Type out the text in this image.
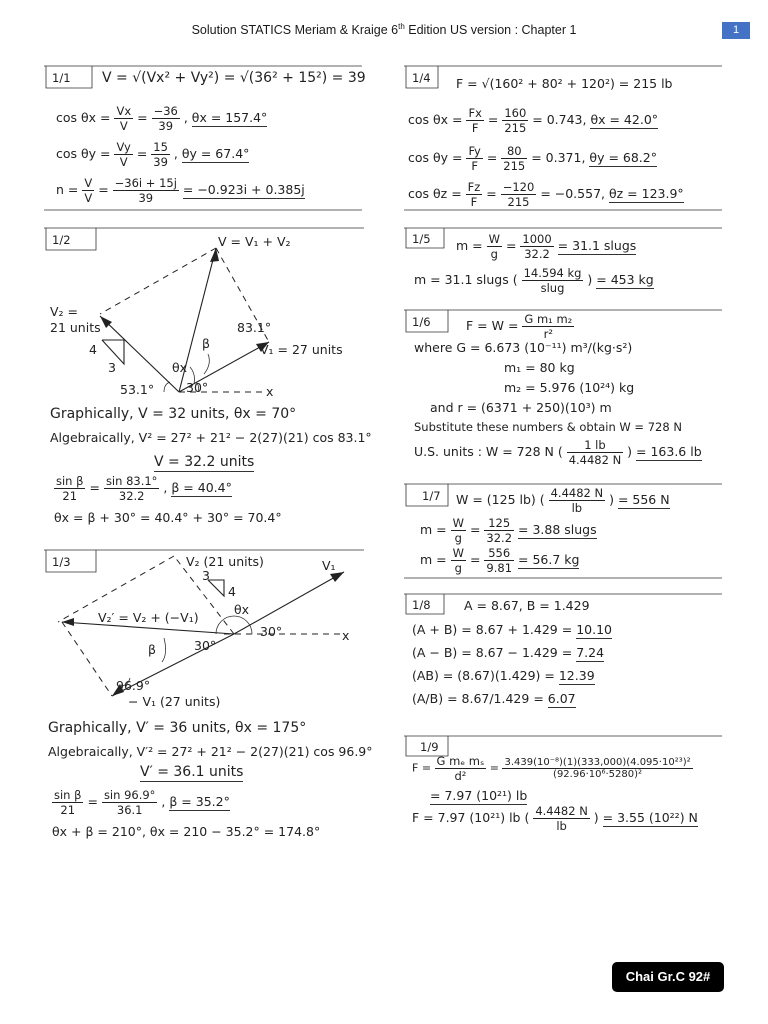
Solution STATICS Meriam & Kraige 6th Edition US version : Chapter 1	1
1/1 V = √(Vx² + Vy²) = √(36² + 15²) = 39
$\cos \theta x = \frac{Vx}{V} = \frac{-36}{39}$ , θx = 157.4°
$\cos \theta y = \frac{Vy}{V} = \frac{15}{39}$ , θy = 67.4°
$n = \frac{V}{V} = \frac{-36i + 15j}{39} = -0.923i + 0.385j$
1/2	V = V₁ + V₂
V₂ =
21 units
V₁ = 27 units
83.1°
β
θx
4
3
53.1°	30°	x
Graphically, V = 32 units, θx = 70°
Algebraically, V² = 27² + 21² − 2(27)(21) cos 83.1°
V = 32.2 units
$\frac{\text{sin β}}{21} = \frac{\sin 83.1^\circ}{32.2}$ , β = 40.4°
θx = β + 30° = 40.4° + 30° = 70.4°
1/3	V₂ (21 units)	V₁
V₂′ = V₂ + (−V₁)
3
4
θx
30°
30°
x
β
96.9°
− V₁ (27 units)
Graphically, V′ = 36 units, θx = 175°
Algebraically, V′² = 27² + 21² − 2(27)(21) cos 96.9°
V′ = 36.1 units
$\frac{\text{sin β}}{21} = \frac{\sin 96.9^\circ}{36.1}$ , β = 35.2°
θx + β = 210°, θx = 210 − 35.2° = 174.8°
1/4 F = √(160² + 80² + 120²) = 215 lb
$\cos \theta x = \frac{Fx}{F} = \frac{160}{215} = 0.743$, θx = 42.0°
$\cos \theta y = \frac{Fy}{F} = \frac{80}{215} = 0.371$, θy = 68.2°
$\cos \theta z = \frac{Fz}{F} = \frac{-120}{215} = -0.557$, θz = 123.9°
1/5 $m = \frac{W}{g} = \frac{1000}{32.2} = 31.1$ slugs
m = 31.1 slugs ( $\frac{14.594 kg}{\text{slug}}$ ) = 453 kg
1/6	$F = W = \frac{\text{G m₁ m₂}}{\text{r²}}$
where G = 6.673 (10⁻¹¹) m³/(kg·s²)
m₁ = 80 kg
m₂ = 5.976 (10²⁴) kg
and r = (6371 + 250)(10³) m
Substitute these numbers & obtain W = 728 N
U.S. units : W = 728 N ( $\frac{1 lb}{4.4482 N}$ ) = 163.6 lb
1/7 W = (125 lb) ( $\frac{4.4482 N}{lb}$ ) = 556 N
$m = \frac{W}{g} = \frac{125}{32.2} = 3.88$ slugs
$m = \frac{W}{g} = \frac{556}{9.81} = 56.7$ kg
1/8	A = 8.67, B = 1.429
(A + B) = 8.67 + 1.429 = 10.10
(A − B) = 8.67 − 1.429 = 7.24
(AB) = (8.67)(1.429) = 12.39
(A/B) = 8.67/1.429 = 6.07
1/9
$F = \frac{\text{G mₑ mₛ}}{\text{d²}} = \frac{\text{3.439(10⁻⁸)(1)(333,000)(4.095·10²³)²}}{\text{(92.96·10⁶·5280)²}}$
= 7.97 (10²¹) lb
F = 7.97 (10²¹) lb ( $\frac{4.4482 N}{lb}$ ) = 3.55 (10²²) N
Chai Gr.C 92#
